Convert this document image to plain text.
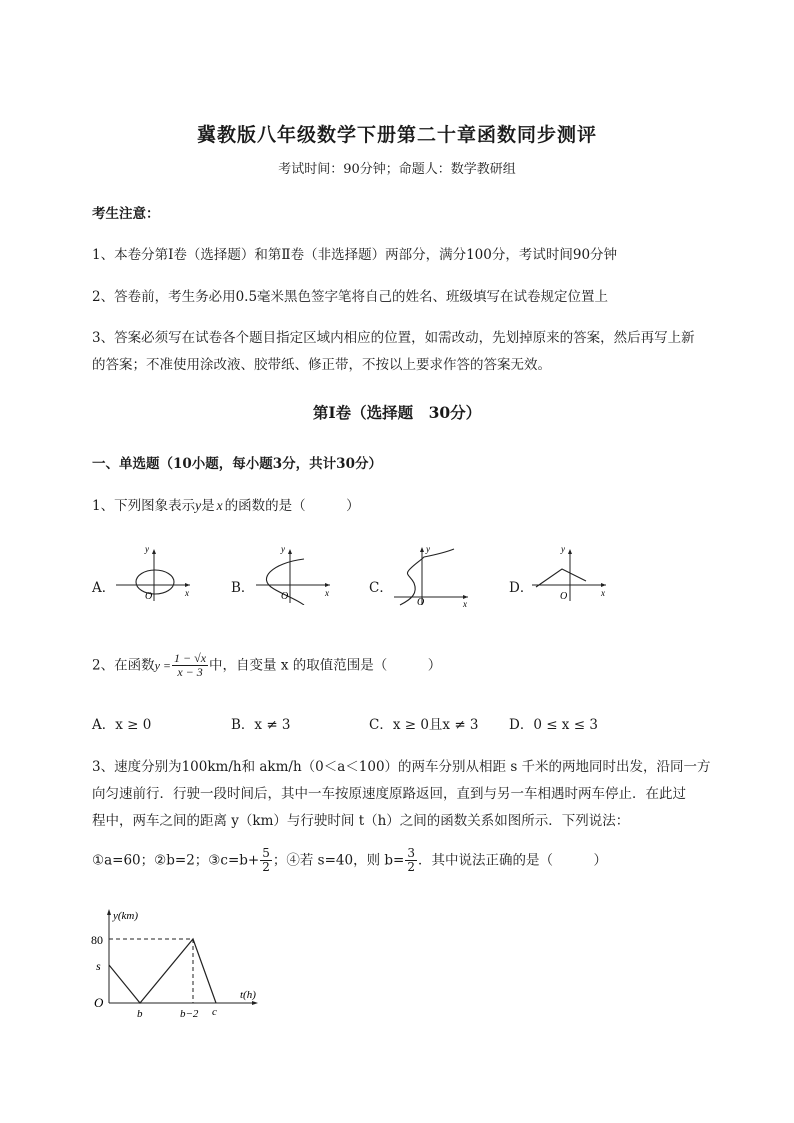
冀教版八年级数学下册第二十章函数同步测评
考试时间：90分钟；命题人：数学教研组
考生注意：
1、本卷分第I卷（选择题）和第Ⅱ卷（非选择题）两部分，满分100分，考试时间90分钟
2、答卷前，考生务必用0.5毫米黑色签字笔将自己的姓名、班级填写在试卷规定位置上
3、答案必须写在试卷各个题目指定区域内相应的位置，如需改动，先划掉原来的答案，然后再写上新
的答案；不准使用涂改液、胶带纸、修正带，不按以上要求作答的答案无效。
第I卷（选择题　30分）
一、单选题（10小题，每小题3分，共计30分）
1、下列图象表示y是 x 的函数的是（　　　）
A．
y
x
O
B．
y
x
O
C．
y
x
O
D．
y
x
O
2、在函数$y = \frac{1 - √x}{x - 3}$ 中，自变量 x 的取值范围是（　　　）
A．x ≥ 0	B．x ≠ 3	C．x ≥ 0且x ≠ 3 D．0 ≤ x ≤ 3
3、速度分别为100km/h和 akm/h（0＜a＜100）的两车分别从相距 s 千米的两地同时出发，沿同一方
向匀速前行．行驶一段时间后，其中一车按原速度原路返回，直到与另一车相遇时两车停止．在此过
程中，两车之间的距离 y（km）与行驶时间 t（h）之间的函数关系如图所示．下列说法：
①a=60；②b=2；③c=b+ $\frac{5}{2}$ ；④若 s=40，则 $b= \frac{3}{2}$ ．其中说法正确的是（　　　）
y(km)
t(h)
80
s
O
b	b−2 c
